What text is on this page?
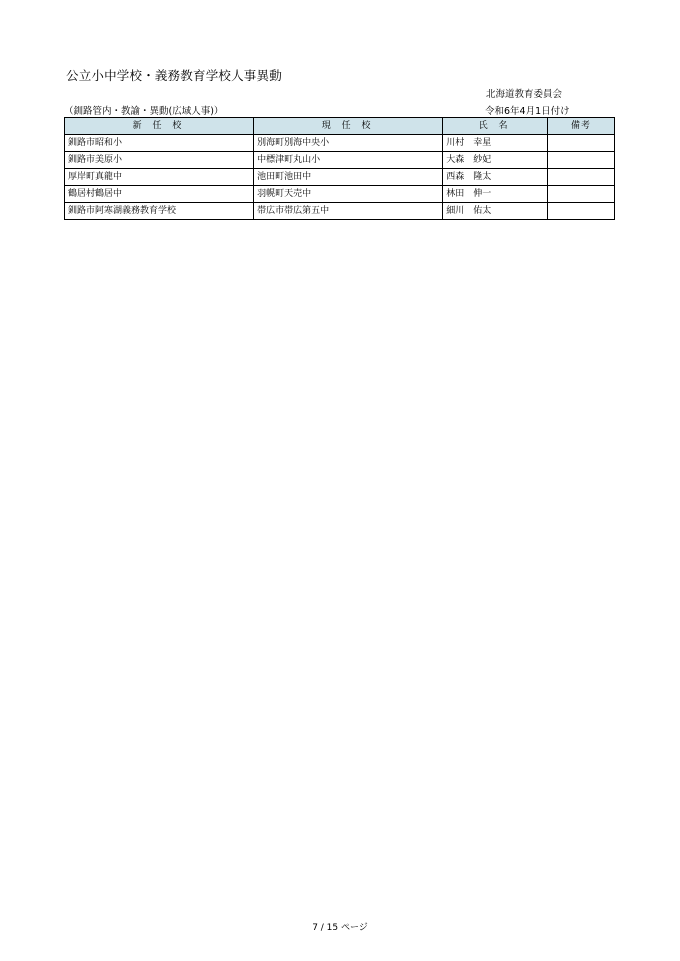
公立小中学校・義務教育学校人事異動
北海道教育委員会
（釧路管内・教諭・異動(広域人事)）	令和6年4月1日付け
新 任 校	現 任 校	氏 名	備考
釧路市昭和小	別海町別海中央小	川村　幸星	
釧路市美原小	中標津町丸山小	大森　紗妃	
厚岸町真龍中	池田町池田中	西森　隆太	
鶴居村鶴居中	羽幌町天売中	林田　伸一	
釧路市阿寒湖義務教育学校	帯広市帯広第五中	細川　佑太	
7 / 15 ページ
